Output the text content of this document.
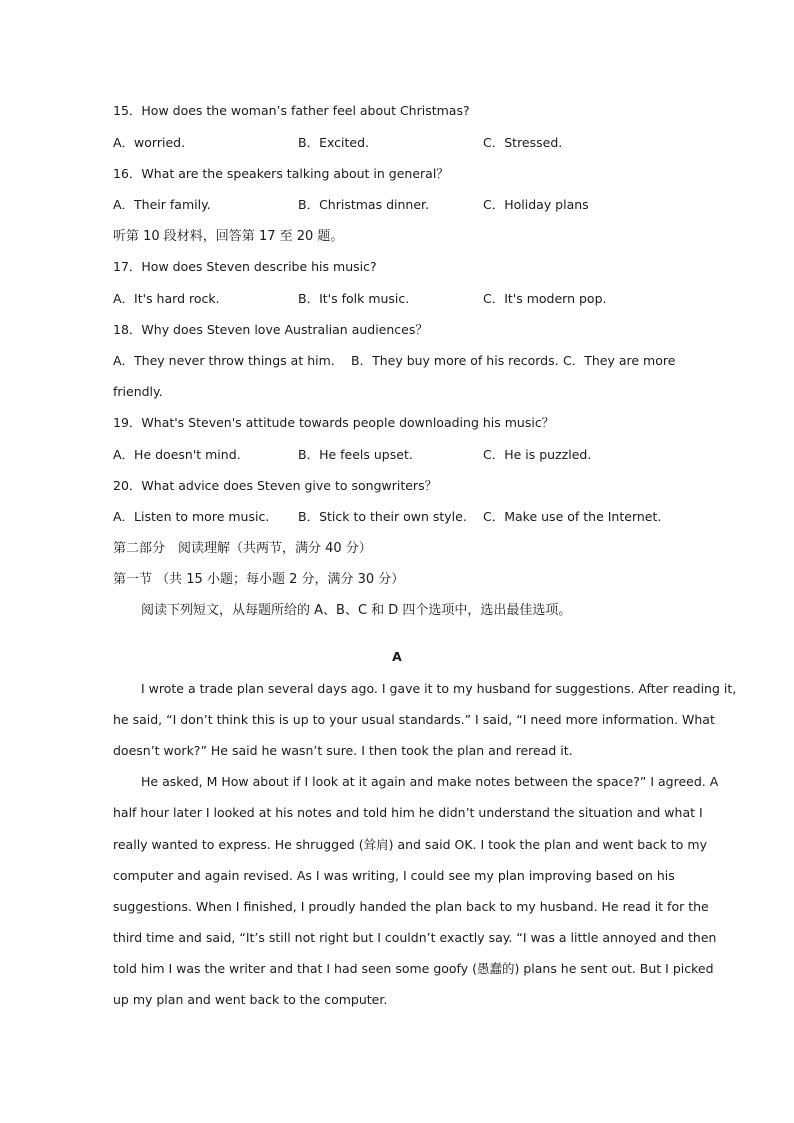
15．How does the woman’s father feel about Christmas?
A．worried.	B．Excited.	C．Stressed.
16．What are the speakers talking about in general？
A．Their family.	B．Christmas dinner.	C．Holiday plans
听第 10 段材料，回答第 17 至 20 题。
17．How does Steven describe his music?
A．It's hard rock.	B．It's folk music.	C．It's modern pop.
18．Why does Steven love Australian audiences？
A．They never throw things at him. B．They buy more of his records. C．They are more
friendly.
19．What's Steven's attitude towards people downloading his music？
A．He doesn't mind.	B．He feels upset.	C．He is puzzled.
20．What advice does Steven give to songwriters？
A．Listen to more music. B．Stick to their own style. C．Make use of the Internet.
第二部分　阅读理解（共两节，满分 40 分）
第一节 （共 15 小题；每小题 2 分，满分 30 分）
阅读下列短文，从每题所给的 A、B、C 和 D 四个选项中，选出最佳选项。
A
I wrote a trade plan several days ago. I gave it to my husband for suggestions. After reading it,
he said, “I don’t think this is up to your usual standards.” I said, “I need more information. What
doesn’t work?” He said he wasn’t sure. I then took the plan and reread it.
He asked, M How about if I look at it again and make notes between the space?” I agreed. A
half hour later I looked at his notes and told him he didn’t understand the situation and what I
really wanted to express. He shrugged (耸肩) and said OK. I took the plan and went back to my
computer and again revised. As I was writing, I could see my plan improving based on his
suggestions. When I finished, I proudly handed the plan back to my husband. He read it for the
third time and said, “It’s still not right but I couldn’t exactly say. “I was a little annoyed and then
told him I was the writer and that I had seen some goofy (愚蠢的) plans he sent out. But I picked
up my plan and went back to the computer.
